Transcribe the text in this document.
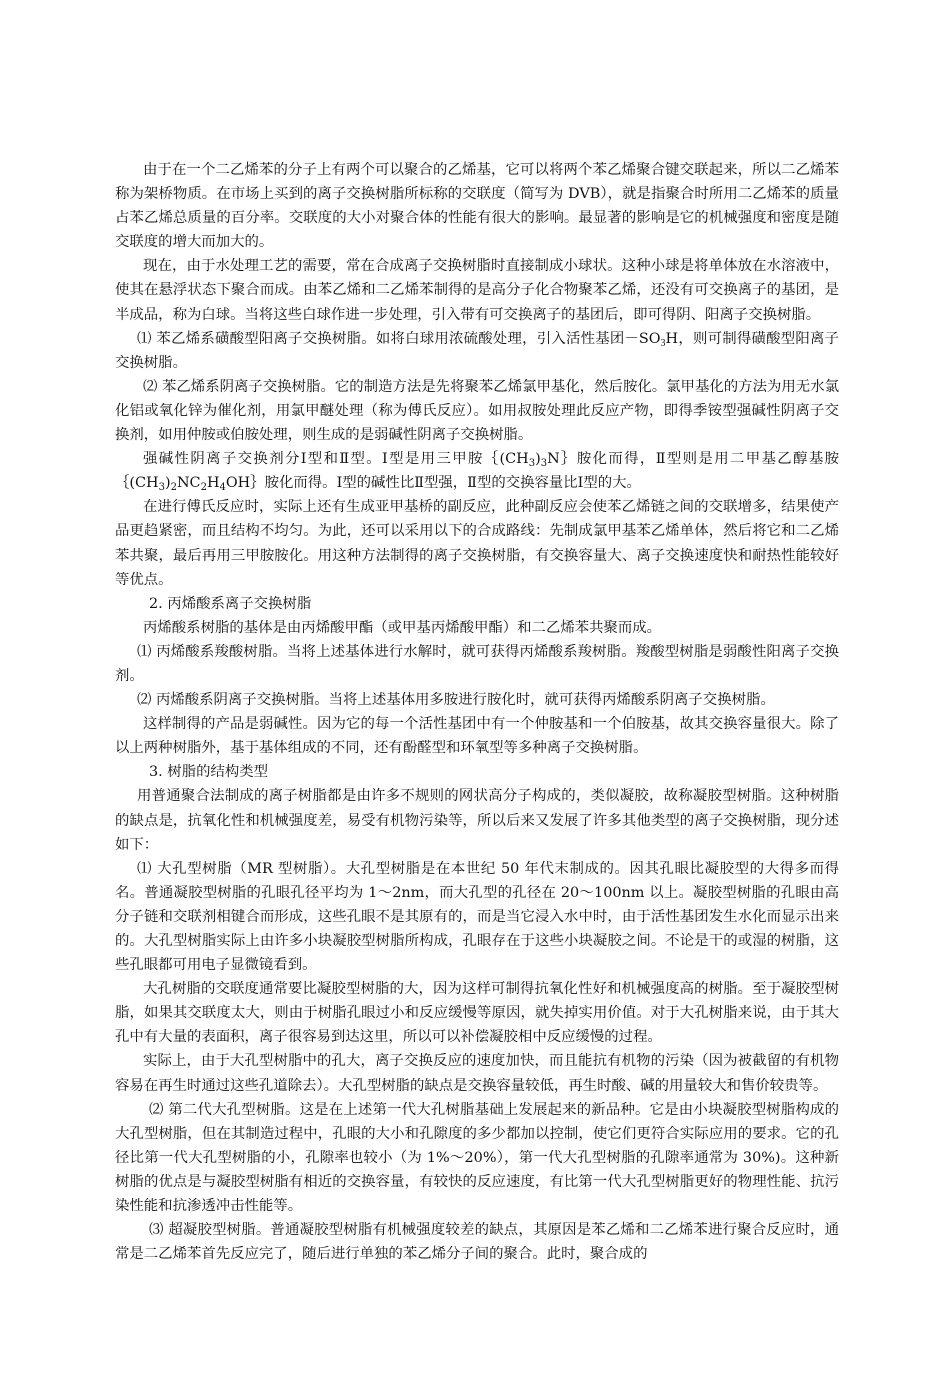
由于在一个二乙烯苯的分子上有两个可以聚合的乙烯基，它可以将两个苯乙烯聚合键交联起来，所以二乙烯苯称为架桥物质。在市场上买到的离子交换树脂所标称的交联度（简写为 DVB），就是指聚合时所用二乙烯苯的质量占苯乙烯总质量的百分率。交联度的大小对聚合体的性能有很大的影响。最显著的影响是它的机械强度和密度是随交联度的增大而加大的。

现在，由于水处理工艺的需要，常在合成离子交换树脂时直接制成小球状。这种小球是将单体放在水溶液中，使其在悬浮状态下聚合而成。由苯乙烯和二乙烯苯制得的是高分子化合物聚苯乙烯，还没有可交换离子的基团，是半成品，称为白球。当将这些白球作进一步处理，引入带有可交换离子的基团后，即可得阴、阳离子交换树脂。

⑴ 苯乙烯系磺酸型阳离子交换树脂。如将白球用浓硫酸处理，引入活性基团$-SO_3H$，则可制得磺酸型阳离子交换树脂。

⑵ 苯乙烯系阴离子交换树脂。它的制造方法是先将聚苯乙烯氯甲基化，然后胺化。氯甲基化的方法为用无水氯化铝或氧化锌为催化剂，用氯甲醚处理（称为傅氏反应）。如用叔胺处理此反应产物，即得季铵型强碱性阴离子交换剂，如用仲胺或伯胺处理，则生成的是弱碱性阴离子交换树脂。

强碱性阴离子交换剂分Ⅰ型和Ⅱ型。Ⅰ型是用三甲胺$\{(CH_3)_3N\}$胺化而得，Ⅱ型则是用二甲基乙醇基胺$\{(CH_3)_2NC_2H_4OH\}$胺化而得。Ⅰ型的碱性比Ⅱ型强，Ⅱ型的交换容量比Ⅰ型的大。

在进行傅氏反应时，实际上还有生成亚甲基桥的副反应，此种副反应会使苯乙烯链之间的交联增多，结果使产品更趋紧密，而且结构不均匀。为此，还可以采用以下的合成路线：先制成氯甲基苯乙烯单体，然后将它和二乙烯苯共聚，最后再用三甲胺胺化。用这种方法制得的离子交换树脂，有交换容量大、离子交换速度快和耐热性能较好等优点。

2. 丙烯酸系离子交换树脂

丙烯酸系树脂的基体是由丙烯酸甲酯（或甲基丙烯酸甲酯）和二乙烯苯共聚而成。

⑴ 丙烯酸系羧酸树脂。当将上述基体进行水解时，就可获得丙烯酸系羧树脂。羧酸型树脂是弱酸性阳离子交换剂。

⑵ 丙烯酸系阴离子交换树脂。当将上述基体用多胺进行胺化时，就可获得丙烯酸系阴离子交换树脂。

这样制得的产品是弱碱性。因为它的每一个活性基团中有一个仲胺基和一个伯胺基，故其交换容量很大。除了以上两种树脂外，基于基体组成的不同，还有酚醛型和环氧型等多种离子交换树脂。

3. 树脂的结构类型

用普通聚合法制成的离子树脂都是由许多不规则的网状高分子构成的，类似凝胶，故称凝胶型树脂。这种树脂的缺点是，抗氧化性和机械强度差，易受有机物污染等，所以后来又发展了许多其他类型的离子交换树脂，现分述如下：

⑴ 大孔型树脂（MR 型树脂）。大孔型树脂是在本世纪 50 年代末制成的。因其孔眼比凝胶型的大得多而得名。普通凝胶型树脂的孔眼孔径平均为 1～2nm，而大孔型的孔径在 20～100nm 以上。凝胶型树脂的孔眼由高分子链和交联剂相键合而形成，这些孔眼不是其原有的，而是当它浸入水中时，由于活性基团发生水化而显示出来的。大孔型树脂实际上由许多小块凝胶型树脂所构成，孔眼存在于这些小块凝胶之间。不论是干的或湿的树脂，这些孔眼都可用电子显微镜看到。

大孔树脂的交联度通常要比凝胶型树脂的大，因为这样可制得抗氧化性好和机械强度高的树脂。至于凝胶型树脂，如果其交联度太大，则由于树脂孔眼过小和反应缓慢等原因，就失掉实用价值。对于大孔树脂来说，由于其大孔中有大量的表面积，离子很容易到达这里，所以可以补偿凝胶相中反应缓慢的过程。

实际上，由于大孔型树脂中的孔大，离子交换反应的速度加快，而且能抗有机物的污染（因为被截留的有机物容易在再生时通过这些孔道除去）。大孔型树脂的缺点是交换容量较低，再生时酸、碱的用量较大和售价较贵等。

⑵ 第二代大孔型树脂。这是在上述第一代大孔树脂基础上发展起来的新品种。它是由小块凝胶型树脂构成的大孔型树脂，但在其制造过程中，孔眼的大小和孔隙度的多少都加以控制，使它们更符合实际应用的要求。它的孔径比第一代大孔型树脂的小，孔隙率也较小（为 1%～20%），第一代大孔型树脂的孔隙率通常为 30%)。这种新树脂的优点是与凝胶型树脂有相近的交换容量，有较快的反应速度，有比第一代大孔型树脂更好的物理性能、抗污染性能和抗渗透冲击性能等。

⑶ 超凝胶型树脂。普通凝胶型树脂有机械强度较差的缺点，其原因是苯乙烯和二乙烯苯进行聚合反应时，通常是二乙烯苯首先反应完了，随后进行单独的苯乙烯分子间的聚合。此时，聚合成的
